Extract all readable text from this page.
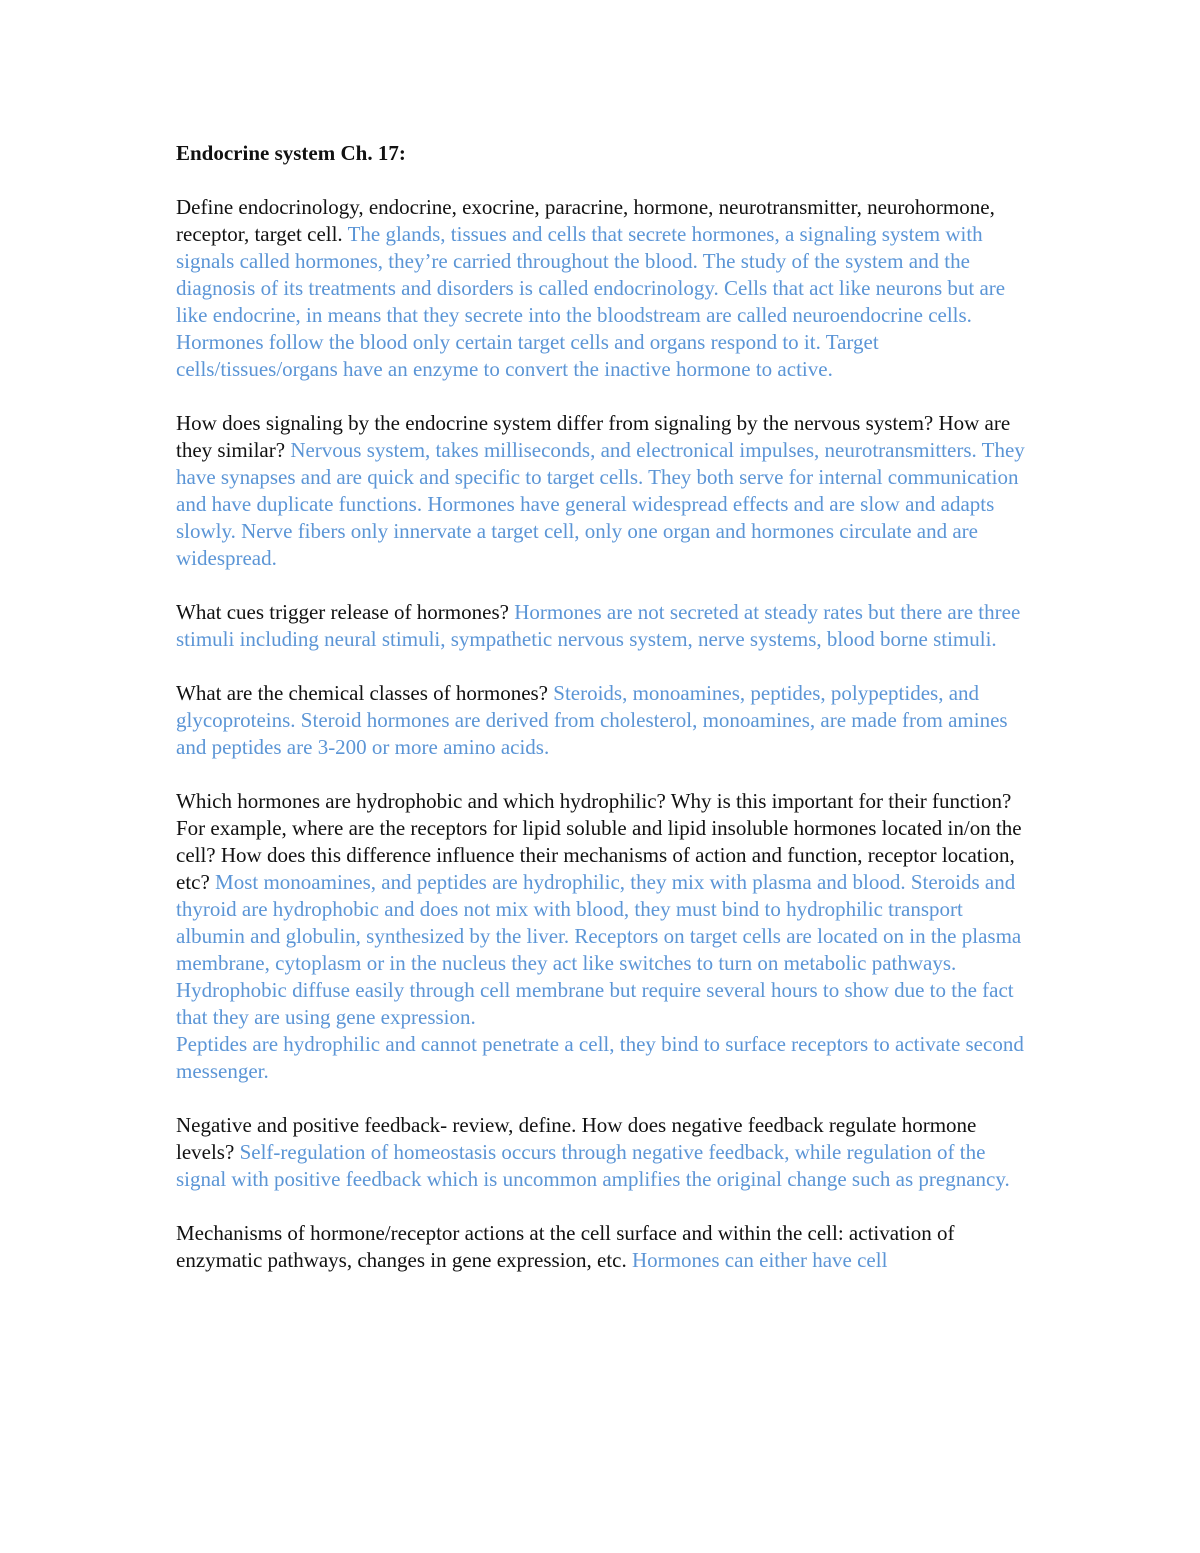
Endocrine system Ch. 17:
Define endocrinology, endocrine, exocrine, paracrine, hormone, neurotransmitter, neurohormone, receptor, target cell. The glands, tissues and cells that secrete hormones, a signaling system with signals called hormones, they’re carried throughout the blood. The study of the system and the diagnosis of its treatments and disorders is called endocrinology. Cells that act like neurons but are like endocrine, in means that they secrete into the bloodstream are called neuroendocrine cells. Hormones follow the blood only certain target cells and organs respond to it. Target cells/tissues/organs have an enzyme to convert the inactive hormone to active.
How does signaling by the endocrine system differ from signaling by the nervous system? How are they similar? Nervous system, takes milliseconds, and electronical impulses, neurotransmitters. They have synapses and are quick and specific to target cells. They both serve for internal communication and have duplicate functions. Hormones have general widespread effects and are slow and adapts slowly. Nerve fibers only innervate a target cell, only one organ and hormones circulate and are widespread.
What cues trigger release of hormones? Hormones are not secreted at steady rates but there are three stimuli including neural stimuli, sympathetic nervous system, nerve systems, blood borne stimuli.
What are the chemical classes of hormones? Steroids, monoamines, peptides, polypeptides, and glycoproteins. Steroid hormones are derived from cholesterol, monoamines, are made from amines and peptides are 3-200 or more amino acids.
Which hormones are hydrophobic and which hydrophilic? Why is this important for their function? For example, where are the receptors for lipid soluble and lipid insoluble hormones located in/on the cell? How does this difference influence their mechanisms of action and function, receptor location, etc? Most monoamines, and peptides are hydrophilic, they mix with plasma and blood. Steroids and thyroid are hydrophobic and does not mix with blood, they must bind to hydrophilic transport albumin and globulin, synthesized by the liver. Receptors on target cells are located on in the plasma membrane, cytoplasm or in the nucleus they act like switches to turn on metabolic pathways. Hydrophobic diffuse easily through cell membrane but require several hours to show due to the fact that they are using gene expression.
Peptides are hydrophilic and cannot penetrate a cell, they bind to surface receptors to activate second messenger.
Negative and positive feedback- review, define. How does negative feedback regulate hormone levels? Self-regulation of homeostasis occurs through negative feedback, while regulation of the signal with positive feedback which is uncommon amplifies the original change such as pregnancy.
Mechanisms of hormone/receptor actions at the cell surface and within the cell: activation of enzymatic pathways, changes in gene expression, etc. Hormones can either have cell
